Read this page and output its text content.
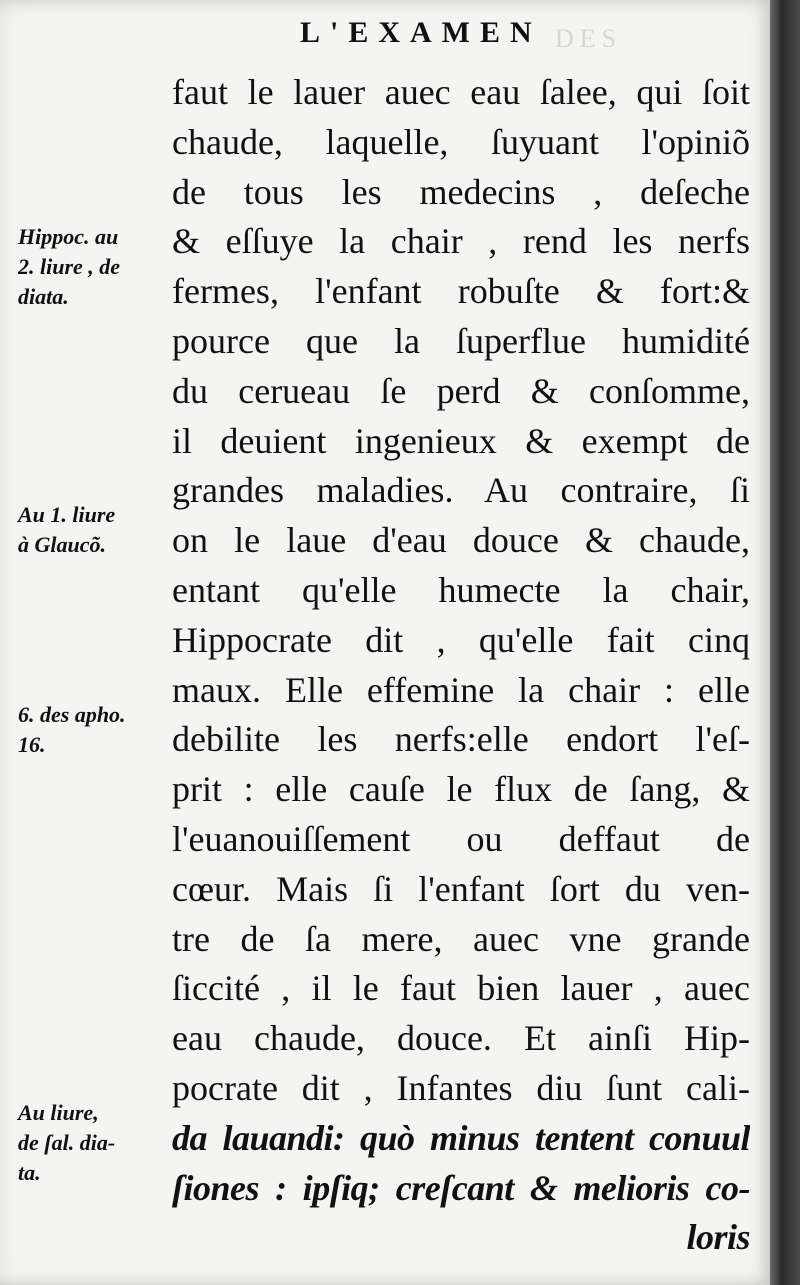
L'EXAMEN DES
faut le lauer auec eau ſalee, qui ſoit
chaude, laquelle, ſuyuant l'opiniõ
de tous les medecins , deſeche
& eſſuye la chair , rend les nerfs
fermes, l'enfant robuſte & fort:&
pource que la ſuperflue humidité
du cerueau ſe perd & conſomme,
il deuient ingenieux & exempt de
grandes maladies. Au contraire, ſi
on le laue d'eau douce & chaude,
entant qu'elle humecte la chair,
Hippocrate dit , qu'elle fait cinq
maux. Elle effemine la chair : elle
debilite les nerfs:elle endort l'eſ-
prit : elle cauſe le flux de ſang, &
l'euanouiſſement ou deffaut de
cœur. Mais ſi l'enfant ſort du ven-
tre de ſa mere, auec vne grande
ſiccité , il le faut bien lauer , auec
eau chaude, douce. Et ainſi Hip-
pocrate dit , Infantes diu ſunt cali-
da lauandi: quò minus tentent conuul
ſiones : ipſiq; creſcant & melioris co-
loris
Hippoc. au
2. liure , de
diata.
Au 1. liure
à Glaucõ.
6. des apho.
16.
Au liure,
de ſal. dia-
ta.
